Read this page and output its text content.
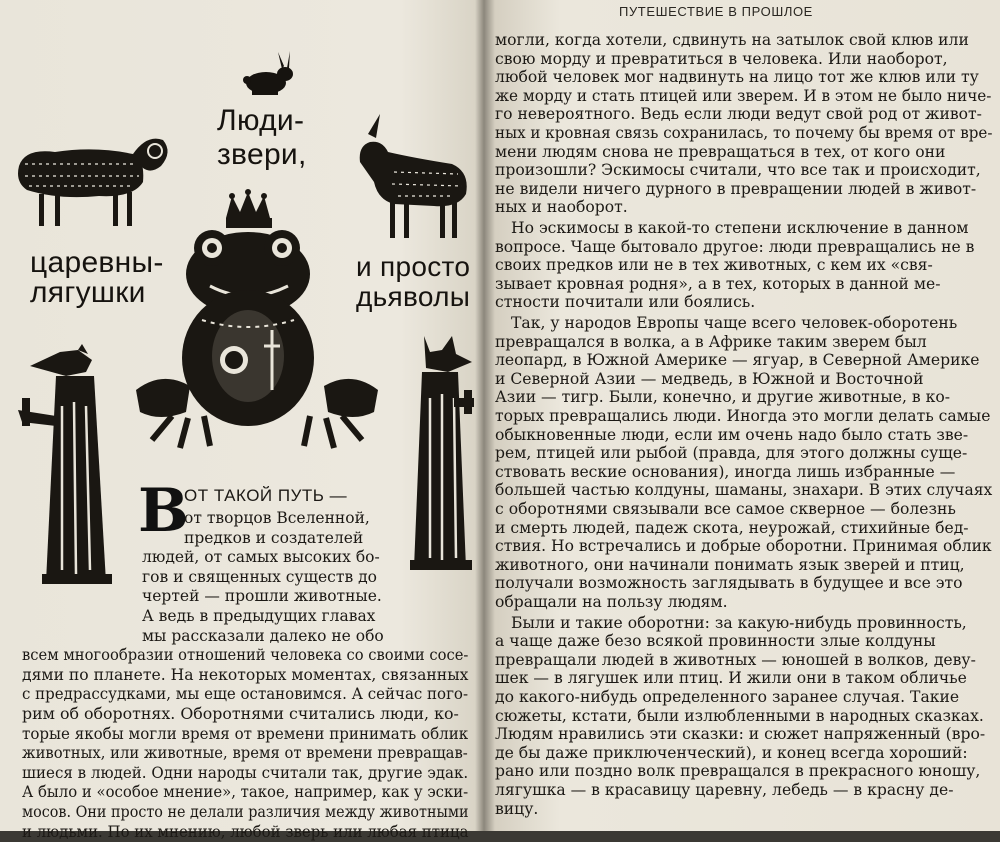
Люди-
звери,
царевны-
лягушки
и просто
дьяволы
В
ОТ ТАКОЙ ПУТЬ —
от творцов Вселенной,
предков и создателей
людей, от самых высоких бо-
гов и священных существ до
чертей — прошли животные.
А ведь в предыдущих главах
мы рассказали далеко не обо
всем многообразии отношений человека со своими сосе-
дями по планете. На некоторых моментах, связанных
с предрассудками, мы еще остановимся. А сейчас пого-
рим об оборотнях. Оборотнями считались люди, ко-
торые якобы могли время от времени принимать облик
животных, или животные, время от времени превращав-
шиеся в людей. Одни народы считали так, другие эдак.
А было и «особое мнение», такое, например, как у эски-
мосов. Они просто не делали различия между животными
и людьми. По их мнению, любой зверь или любая птица
ПУТЕШЕСТВИЕ В ПРОШЛОЕ
могли, когда хотели, сдвинуть на затылок свой клюв или
свою морду и превратиться в человека. Или наоборот,
любой человек мог надвинуть на лицо тот же клюв или ту
же морду и стать птицей или зверем. И в этом не было ниче-
го невероятного. Ведь если люди ведут свой род от живот-
ных и кровная связь сохранилась, то почему бы время от вре-
мени людям снова не превращаться в тех, от кого они
произошли? Эскимосы считали, что все так и происходит,
не видели ничего дурного в превращении людей в живот-
ных и наоборот.
Но эскимосы в какой-то степени исключение в данном
вопросе. Чаще бытовало другое: люди превращались не в
своих предков или не в тех животных, с кем их «свя-
зывает кровная родня», а в тех, которых в данной ме-
стности почитали или боялись.
Так, у народов Европы чаще всего человек-оборотень
превращался в волка, а в Африке таким зверем был
леопард, в Южной Америке — ягуар, в Северной Америке
и Северной Азии — медведь, в Южной и Восточной
Азии — тигр. Были, конечно, и другие животные, в ко-
торых превращались люди. Иногда это могли делать самые
обыкновенные люди, если им очень надо было стать зве-
рем, птицей или рыбой (правда, для этого должны суще-
ствовать веские основания), иногда лишь избранные —
большей частью колдуны, шаманы, знахари. В этих случаях
с оборотнями связывали все самое скверное — болезнь
и смерть людей, падеж скота, неурожай, стихийные бед-
ствия. Но встречались и добрые оборотни. Принимая облик
животного, они начинали понимать язык зверей и птиц,
получали возможность заглядывать в будущее и все это
обращали на пользу людям.
Были и такие оборотни: за какую-нибудь провинность,
а чаще даже безо всякой провинности злые колдуны
превращали людей в животных — юношей в волков, деву-
шек — в лягушек или птиц. И жили они в таком обличье
до какого-нибудь определенного заранее случая. Такие
сюжеты, кстати, были излюбленными в народных сказках.
Людям нравились эти сказки: и сюжет напряженный (вро-
де бы даже приключенческий), и конец всегда хороший:
рано или поздно волк превращался в прекрасного юношу,
лягушка — в красавицу царевну, лебедь — в красну де-
вицу.
